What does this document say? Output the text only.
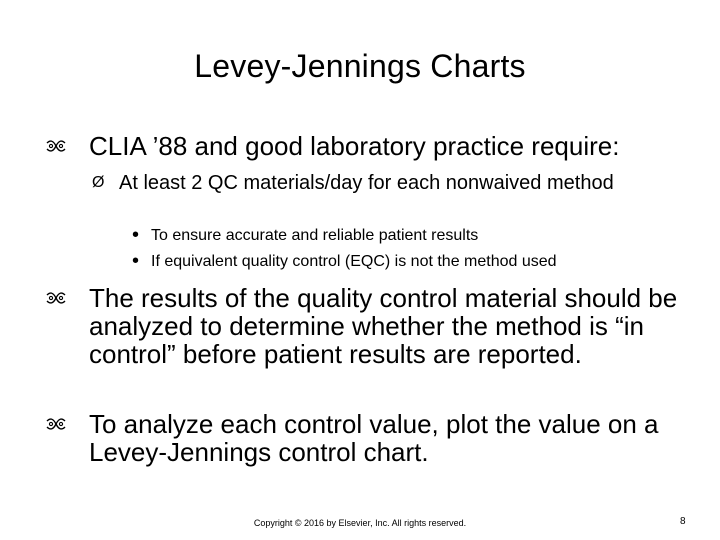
Levey-Jennings Charts
CLIA ’88 and good laboratory practice require:
Ø At least 2 QC materials/day for each nonwaived method
• To ensure accurate and reliable patient results
• If equivalent quality control (EQC) is not the method used
The results of the quality control material should be analyzed to determine whether the method is “in control” before patient results are reported.
To analyze each control value, plot the value on a Levey-Jennings control chart.
Copyright © 2016 by Elsevier, Inc. All rights reserved.	8
